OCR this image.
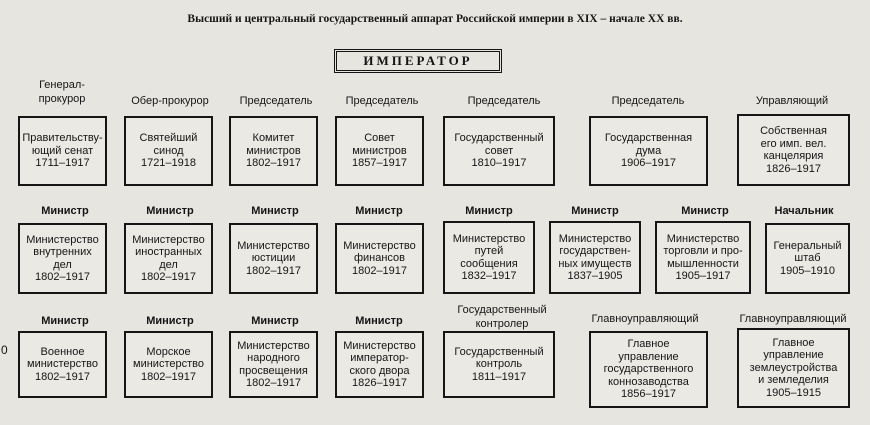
Высший и центральный государственный аппарат Российской империи в XIX – начале XX вв.
ИМПЕРАТОР
0
Генерал-
прокурор
Правительству-
ющий сенат
1711–1917
Обер-прокурор
Святейший
синод
1721–1918
Председатель
Комитет
министров
1802–1917
Председатель
Совет
министров
1857–1917
Председатель
Государственный
совет
1810–1917
Председатель
Государственная
дума
1906–1917
Управляющий
Собственная
его имп. вел.
канцелярия
1826–1917
Министр
Министерство
внутренних
дел
1802–1917
Министр
Министерство
иностранных
дел
1802–1917
Министр
Министерство
юстиции
1802–1917
Министр
Министерство
финансов
1802–1917
Министр
Министерство
путей
сообщения
1832–1917
Министр
Министерство
государствен-
ных имуществ
1837–1905
Министр
Министерство
торговли и про-
мышленности
1905–1917
Начальник
Генеральный
штаб
1905–1910
Министр
Военное
министерство
1802–1917
Министр
Морское
министерство
1802–1917
Министр
Министерство
народного
просвещения
1802–1917
Министр
Министерство
император-
ского двора
1826–1917
Государственный
контролер
Государственный
контроль
1811–1917
Главноуправляющий
Главное
управление
государственного
коннозаводства
1856–1917
Главноуправляющий
Главное
управление
землеустройства
и земледелия
1905–1915
